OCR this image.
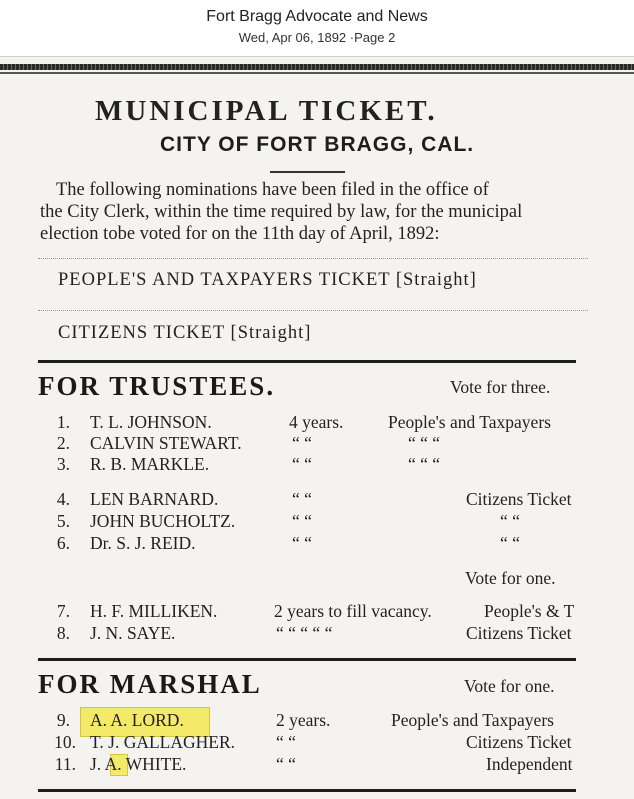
Fort Bragg Advocate and News
Wed, Apr 06, 1892 ·Page 2
MUNICIPAL TICKET.
CITY OF FORT BRAGG, CAL.
The following nominations have been filed in the office of
the City Clerk, within the time required by law, for the municipal
election tobe voted for on the 11th day of April, 1892:
PEOPLE'S AND TAXPAYERS TICKET [Straight]
CITIZENS TICKET [Straight]
FOR TRUSTEES.	Vote for three.
1. T. L. JOHNSON.	4 years.	People's and Taxpayers
2. CALVIN STEWART.	“ “	“ “ “
3. R. B. MARKLE.	“ “	“ “ “
4. LEN BARNARD.	“ “	Citizens Ticket
5. JOHN BUCHOLTZ.	“ “	“ “
6. Dr. S. J. REID.	“ “	“ “
Vote for one.
7. H. F. MILLIKEN.	2 years to fill vacancy.	People's & T
8. J. N. SAYE.	“ “ “ “ “	Citizens Ticket
FOR MARSHAL	Vote for one.
9. A. A. LORD.	2 years.	People's and Taxpayers
10. T. J. GALLAGHER. “ “	Citizens Ticket
11. J. A. WHITE.	“ “	Independent
